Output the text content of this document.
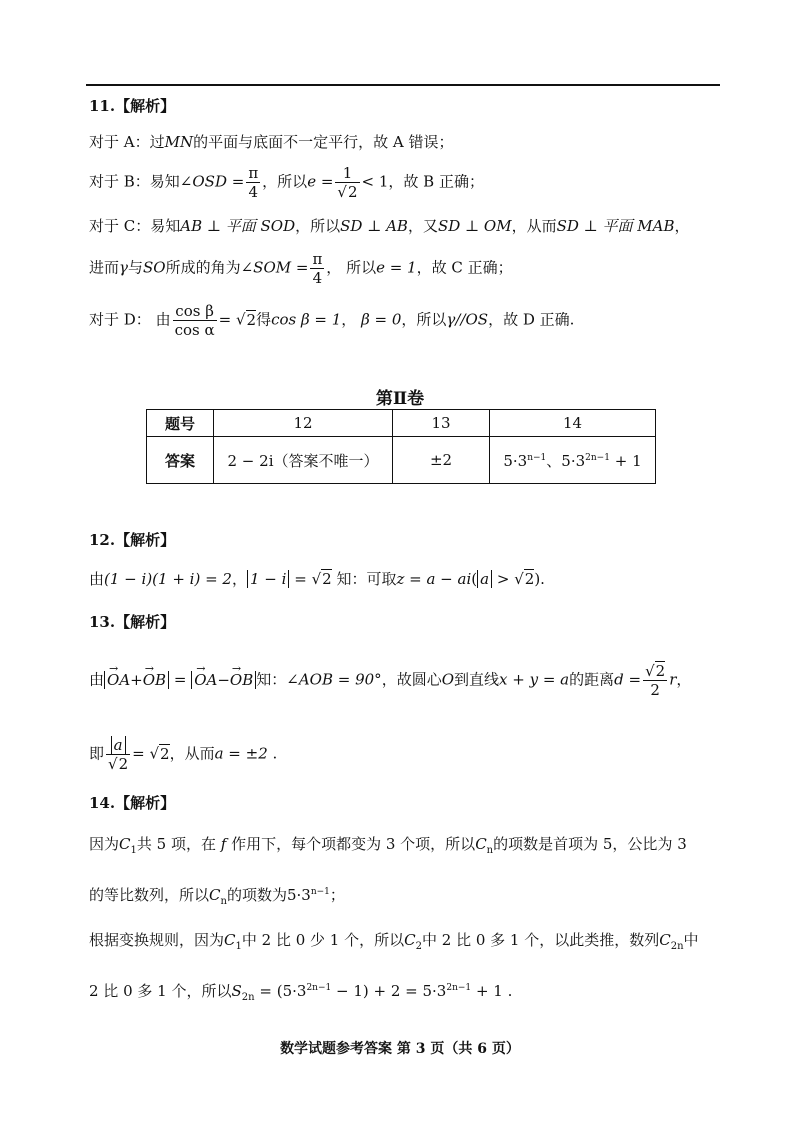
11.【解析】
对于 A：过MN的平面与底面不一定平行，故 A 错误；
对于 B：易知∠OSD = $\frac{\pi}{4}$ ，所以$e = \frac{1}{√2} < 1$，故 B 正确；
对于 C：易知AB ⊥ 平面 SOD，所以SD ⊥ AB，又SD ⊥ OM，从而SD ⊥ 平面 MAB，
进而γ与SO所成的角为∠SOM = $\frac{\pi}{4}$ ， 所以e = 1，故 C 正确；
对于 D： 由 $\frac{\text{cos β}}{\text{cos α}} = √2$得cos β = 1， β = 0，所以γ//OS，故 D 正确.
第Ⅱ卷
题号	12	13	14
答案	2 − 2i（答案不唯一）	±2	$5\cdot 3^{n-1}$、$5\cdot 3^{2n-1} + 1$
12.【解析】
由(1 − i)(1 + i) = 2， 1 − i = √2 知：可取z = a − ai( a > √2).
13.【解析】
由 → OA+→ OB = → OA−→ OB 知：∠AOB = 90°，故圆心O到直线x + y = a的距离$d = \frac{√2}{2}$ r，
即 $\frac{a}{√2} = √2$，从而a = ±2 .
14.【解析】
因为$C_1$共 5 项，在 f 作用下，每个项都变为 3 个项，所以$C_n$的项数是首项为 5，公比为 3
的等比数列，所以$C_n$的项数为$5\cdot 3^{n-1}$；
根据变换规则，因为$C_1$中 2 比 0 少 1 个，所以$C_2$中 2 比 0 多 1 个，以此类推，数列$C_{2n}$中
2 比 0 多 1 个，所以$S_{2n} = (5\cdot 3^{2n-1} - 1) + 2 = 5\cdot 3^{2n-1} + 1$ .
数学试题参考答案 第 3 页（共 6 页）
